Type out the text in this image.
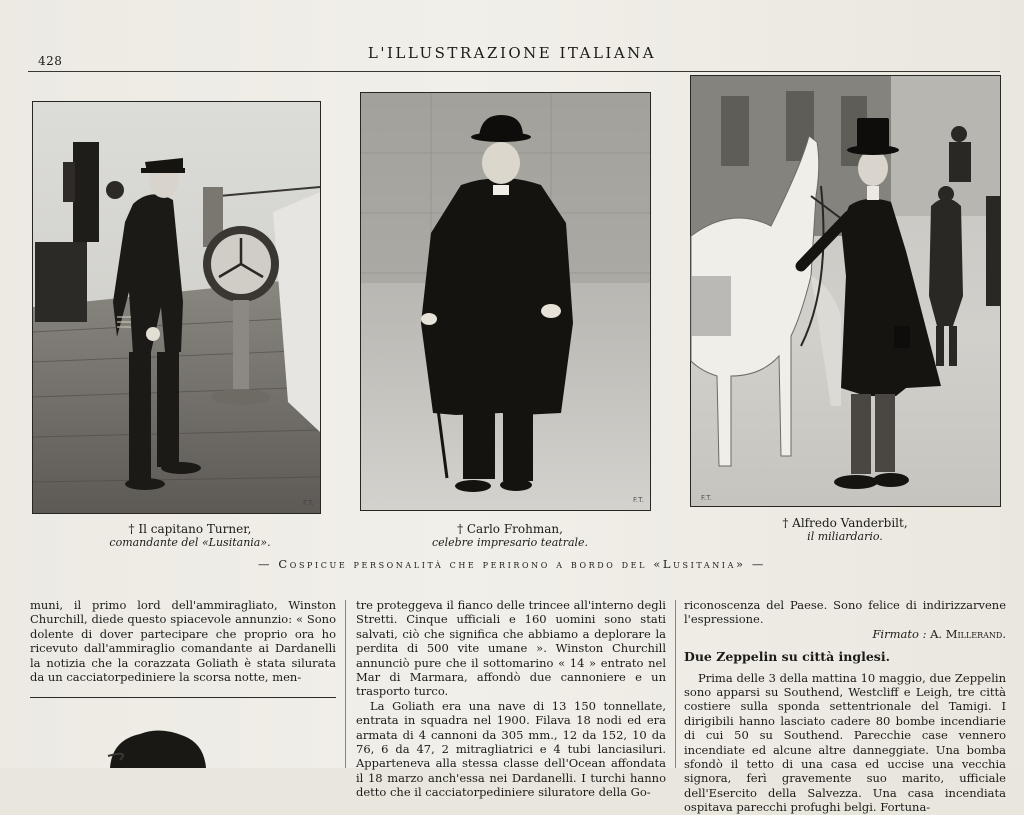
428	L'ILLUSTRAZIONE ITALIANA
F.T.	F.T.	F.T.
† Il capitano Turner,
comandante del «Lusitania».
† Carlo Frohman,
celebre impresario teatrale.
† Alfredo Vanderbilt,
il miliardario.
— Cospicue personalità che perirono a bordo del «Lusitania» —

muni, il primo lord dell'ammiragliato, Winston Churchill, diede questo spiacevole annunzio: « Sono dolente di dover partecipare che proprio ora ho ricevuto dall'ammiraglio comandante ai Dardanelli la notizia che la corazzata Goliath è stata silurata da un cacciatorpediniere la scorsa notte, men-

tre proteggeva il fianco delle trincee all'interno degli Stretti. Cinque ufficiali e 160 uomini sono stati salvati, ciò che significa che abbiamo a deplorare la perdita di 500 vite umane ». Winston Churchill annunciò pure che il sottomarino « 14 » entrato nel Mar di Marmara, affondò due cannoniere e un trasporto turco.

La Goliath era una nave di 13 150 tonnellate, entrata in squadra nel 1900. Filava 18 nodi ed era armata di 4 cannoni da 305 mm., 12 da 152, 10 da 76, 6 da 47, 2 mitragliatrici e 4 tubi lanciasiluri. Apparteneva alla stessa classe dell'Ocean affondata il 18 marzo anch'essa nei Dardanelli. I turchi hanno detto che il cacciatorpediniere siluratore della Go-

riconoscenza del Paese. Sono felice di indirizzarvene l'espressione.

Firmato : A. Millerand.

Due Zeppelin su città inglesi.

Prima delle 3 della mattina 10 maggio, due Zeppelin sono apparsi su Southend, Westcliff e Leigh, tre città costiere sulla sponda settentrionale del Tamigi. I dirigibili hanno lasciato cadere 80 bombe incendiarie di cui 50 su Southend. Parecchie case vennero incendiate ed alcune altre danneggiate. Una bomba sfondò il tetto di una casa ed uccise una vecchia signora, ferì gravemente suo marito, ufficiale dell'Esercito della Salvezza. Una casa incendiata ospitava parecchi profughi belgi. Fortuna-
